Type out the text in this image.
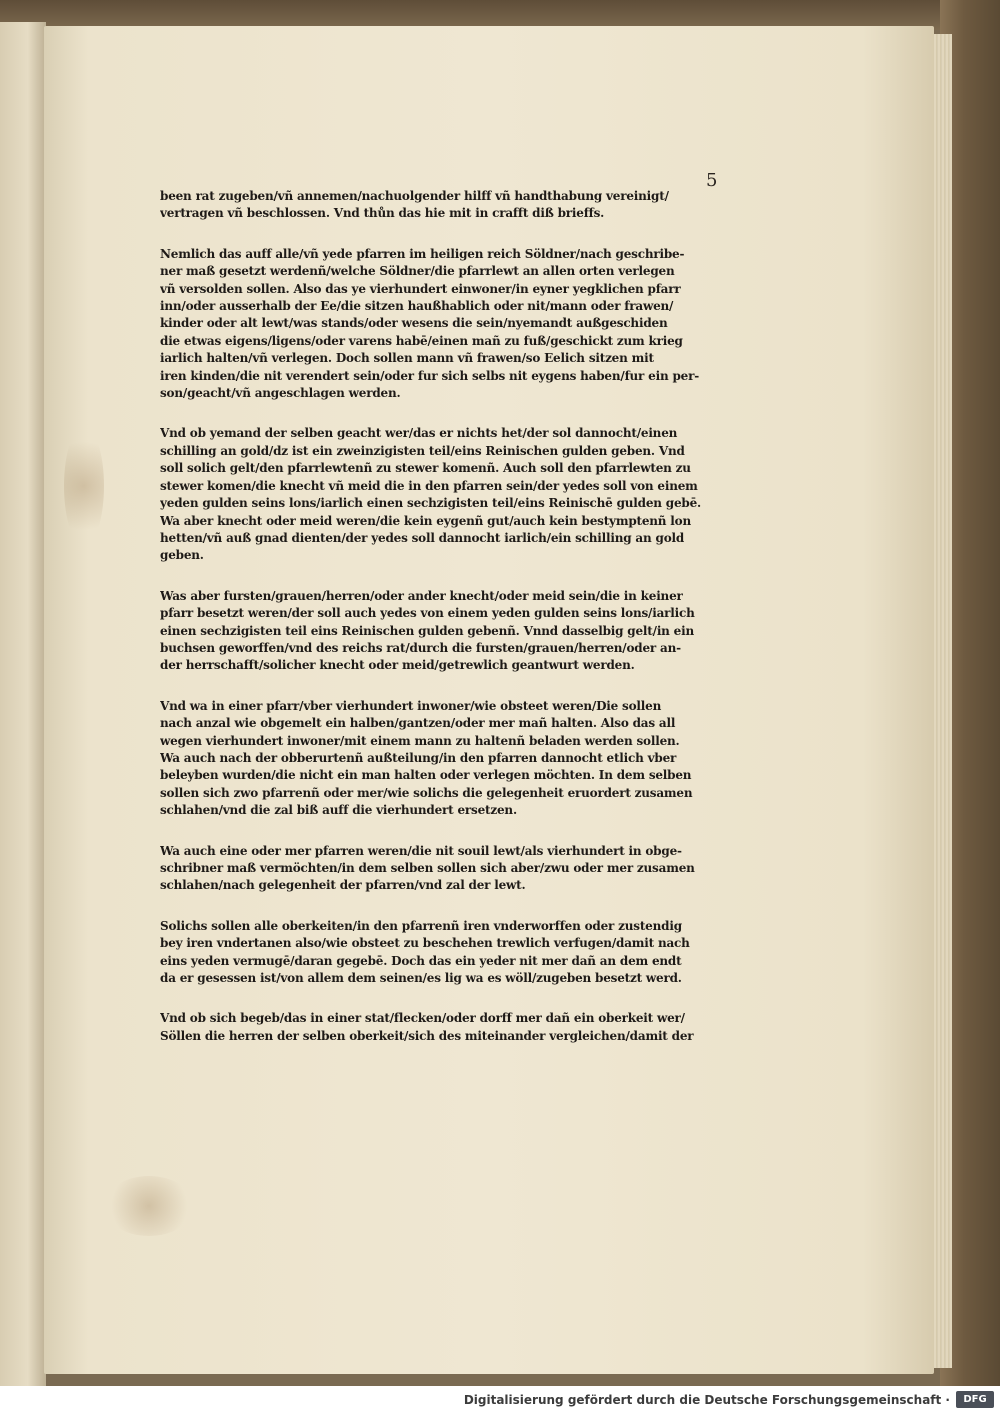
5
been rat zugeben/vñ annemen/nachuolgender hilff vñ handthabung vereinigt/
vertragen vñ beschlossen. Vnd thůn das hie mit in crafft diß brieffs.
Nemlich das auff alle/vñ yede pfarren im heiligen reich Söldner/nach geschribe-
ner maß gesetzt werdenñ/welche Söldner/die pfarrlewt an allen orten verlegen
vñ versolden sollen. Also das ye vierhundert einwoner/in eyner yegklichen pfarr
inn/oder ausserhalb der Ee/die sitzen haußhablich oder nit/mann oder frawen/
kinder oder alt lewt/was stands/oder wesens die sein/nyemandt außgeschiden
die etwas eigens/ligens/oder varens habē/einen mañ zu fuß/geschickt zum krieg
iarlich halten/vñ verlegen. Doch sollen mann vñ frawen/so Eelich sitzen mit
iren kinden/die nit verendert sein/oder fur sich selbs nit eygens haben/fur ein per-
son/geacht/vñ angeschlagen werden.
Vnd ob yemand der selben geacht wer/das er nichts het/der sol dannocht/einen
schilling an gold/dz ist ein zweinzigisten teil/eins Reinischen gulden geben. Vnd
soll solich gelt/den pfarrlewtenñ zu stewer komenñ. Auch soll den pfarrlewten zu
stewer komen/die knecht vñ meid die in den pfarren sein/der yedes soll von einem
yeden gulden seins lons/iarlich einen sechzigisten teil/eins Reinischē gulden gebē.
Wa aber knecht oder meid weren/die kein eygenñ gut/auch kein bestymptenñ lon
hetten/vñ auß gnad dienten/der yedes soll dannocht iarlich/ein schilling an gold
geben.
Was aber fursten/grauen/herren/oder ander knecht/oder meid sein/die in keiner
pfarr besetzt weren/der soll auch yedes von einem yeden gulden seins lons/iarlich
einen sechzigisten teil eins Reinischen gulden gebenñ. Vnnd dasselbig gelt/in ein
buchsen geworffen/vnd des reichs rat/durch die fursten/grauen/herren/oder an-
der herrschafft/solicher knecht oder meid/getrewlich geantwurt werden.
Vnd wa in einer pfarr/vber vierhundert inwoner/wie obsteet weren/Die sollen
nach anzal wie obgemelt ein halben/gantzen/oder mer mañ halten. Also das all
wegen vierhundert inwoner/mit einem mann zu haltenñ beladen werden sollen.
Wa auch nach der obberurtenñ außteilung/in den pfarren dannocht etlich vber
beleyben wurden/die nicht ein man halten oder verlegen möchten. In dem selben
sollen sich zwo pfarrenñ oder mer/wie solichs die gelegenheit eruordert zusamen
schlahen/vnd die zal biß auff die vierhundert ersetzen.
Wa auch eine oder mer pfarren weren/die nit souil lewt/als vierhundert in obge-
schribner maß vermöchten/in dem selben sollen sich aber/zwu oder mer zusamen
schlahen/nach gelegenheit der pfarren/vnd zal der lewt.
Solichs sollen alle oberkeiten/in den pfarrenñ iren vnderworffen oder zustendig
bey iren vndertanen also/wie obsteet zu beschehen trewlich verfugen/damit nach
eins yeden vermugē/daran gegebē. Doch das ein yeder nit mer dañ an dem endt
da er gesessen ist/von allem dem seinen/es lig wa es wöll/zugeben besetzt werd.
Vnd ob sich begeb/das in einer stat/flecken/oder dorff mer dañ ein oberkeit wer/
Söllen die herren der selben oberkeit/sich des miteinander vergleichen/damit der
Digitalisierung gefördert durch die Deutsche Forschungsgemeinschaft ·	DFG
